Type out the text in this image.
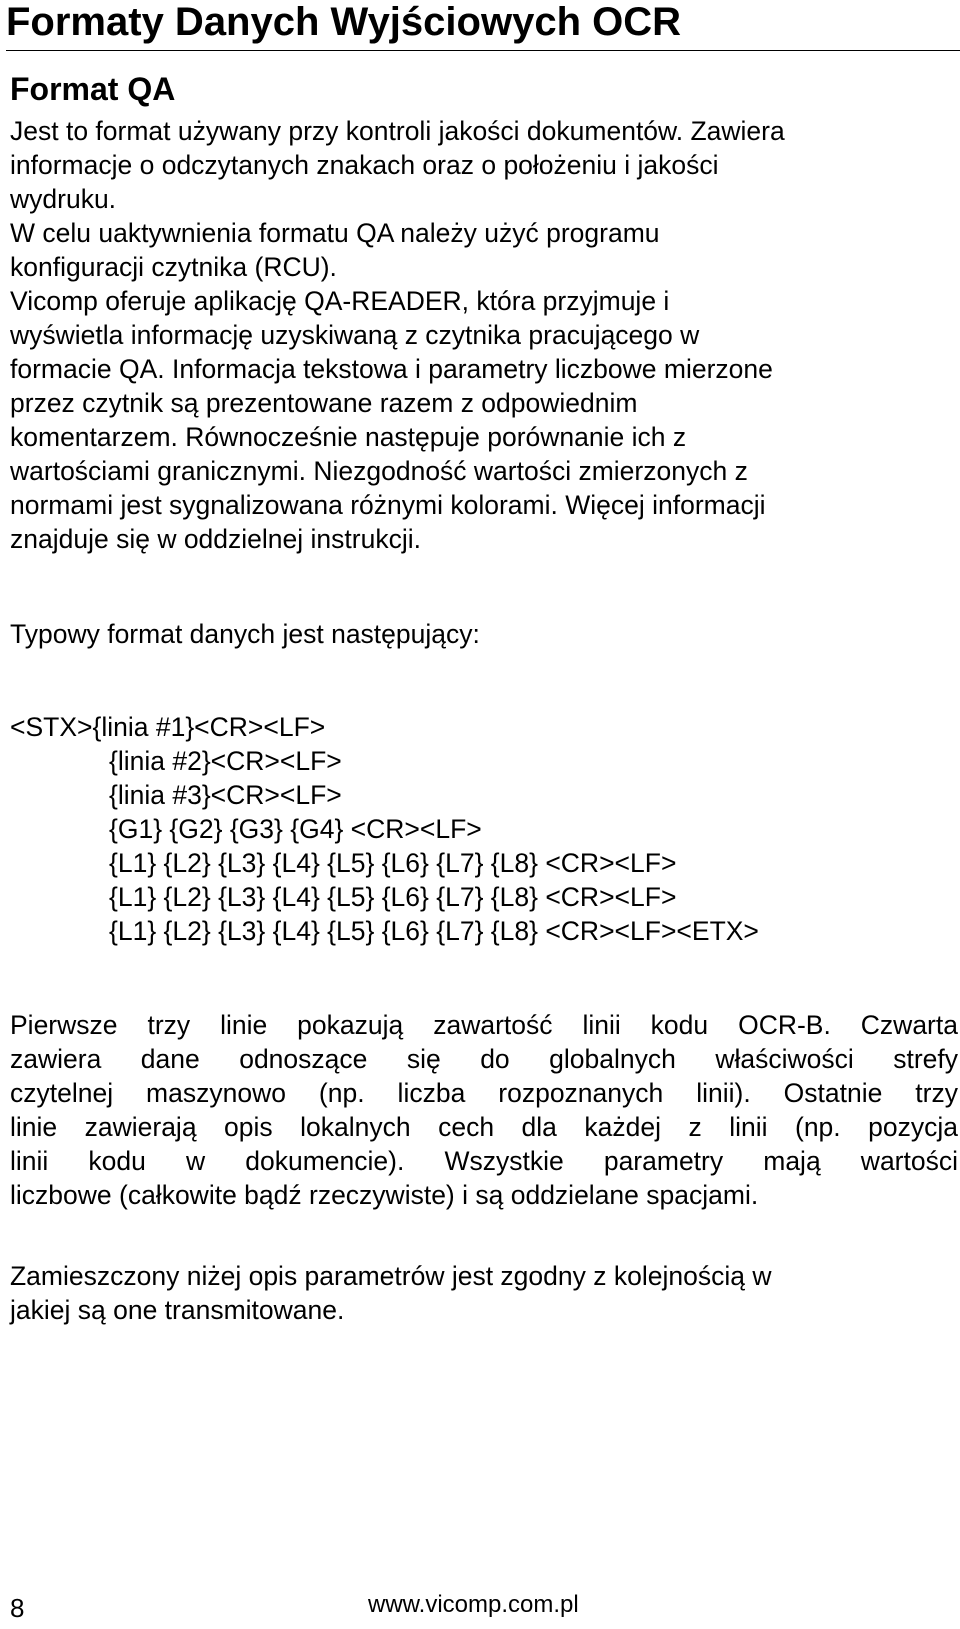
Formaty Danych Wyjściowych OCR
Format QA
Jest to format używany przy kontroli jakości dokumentów. Zawiera
informacje o odczytanych znakach oraz o położeniu i jakości
wydruku.
W celu uaktywnienia formatu QA należy użyć programu
konfiguracji czytnika (RCU).
Vicomp oferuje aplikację QA-READER, która przyjmuje i
wyświetla informację uzyskiwaną z czytnika pracującego w
formacie QA. Informacja tekstowa i parametry liczbowe mierzone
przez czytnik są prezentowane razem z odpowiednim
komentarzem. Równocześnie następuje porównanie ich z
wartościami granicznymi. Niezgodność wartości zmierzonych z
normami jest sygnalizowana różnymi kolorami. Więcej informacji
znajduje się w oddzielnej instrukcji.

Typowy format danych jest następujący:

<STX>{linia #1}<CR><LF>
{linia #2}<CR><LF>
{linia #3}<CR><LF>
{G1} {G2} {G3} {G4} <CR><LF>
{L1} {L2} {L3} {L4} {L5} {L6} {L7} {L8} <CR><LF>
{L1} {L2} {L3} {L4} {L5} {L6} {L7} {L8} <CR><LF>
{L1} {L2} {L3} {L4} {L5} {L6} {L7} {L8} <CR><LF><ETX>
Pierwsze trzy linie pokazują zawartość linii kodu OCR-B. Czwarta
zawiera dane odnoszące się do globalnych właściwości strefy
czytelnej maszynowo (np. liczba rozpoznanych linii). Ostatnie trzy
linie zawierają opis lokalnych cech dla każdej z linii (np. pozycja
linii kodu w dokumencie). Wszystkie parametry mają wartości
liczbowe (całkowite bądź rzeczywiste) i są oddzielane spacjami.
Zamieszczony niżej opis parametrów jest zgodny z kolejnością w
jakiej są one transmitowane.
8	www.vicomp.com.pl
